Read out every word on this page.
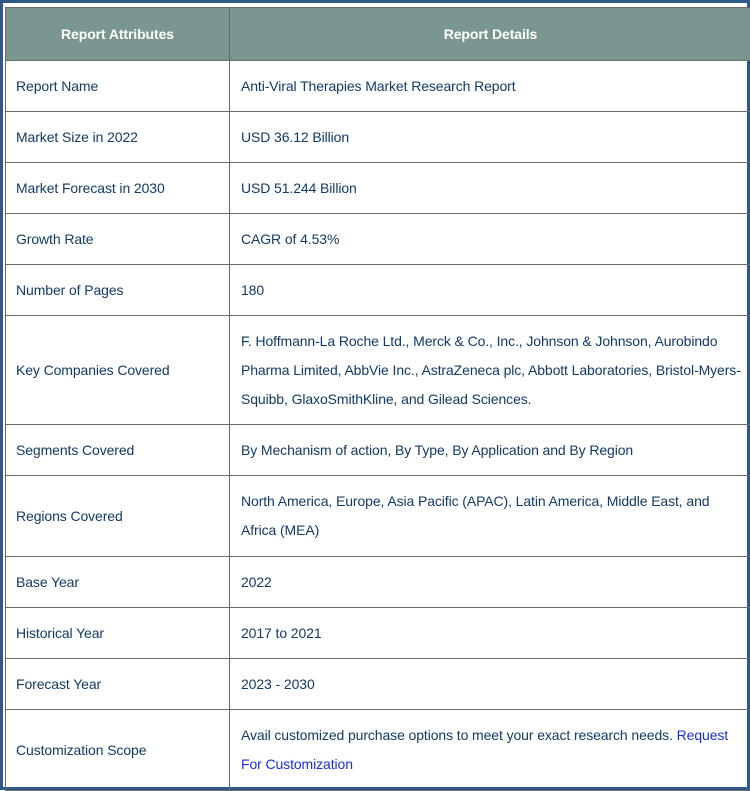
Report Attributes	Report Details
Report Name	Anti-Viral Therapies Market Research Report
Market Size in 2022	USD 36.12 Billion
Market Forecast in 2030	USD 51.244 Billion
Growth Rate	CAGR of 4.53%
Number of Pages	180
Key Companies Covered	F. Hoffmann-La Roche Ltd., Merck & Co., Inc., Johnson & Johnson, Aurobindo Pharma Limited, AbbVie Inc., AstraZeneca plc, Abbott Laboratories, Bristol-Myers-Squibb, GlaxoSmithKline, and Gilead Sciences.
Segments Covered	By Mechanism of action, By Type, By Application and By Region
Regions Covered	North America, Europe, Asia Pacific (APAC), Latin America, Middle East, and Africa (MEA)
Base Year	2022
Historical Year	2017 to 2021
Forecast Year	2023 - 2030
Customization Scope	Avail customized purchase options to meet your exact research needs. Request For Customization
